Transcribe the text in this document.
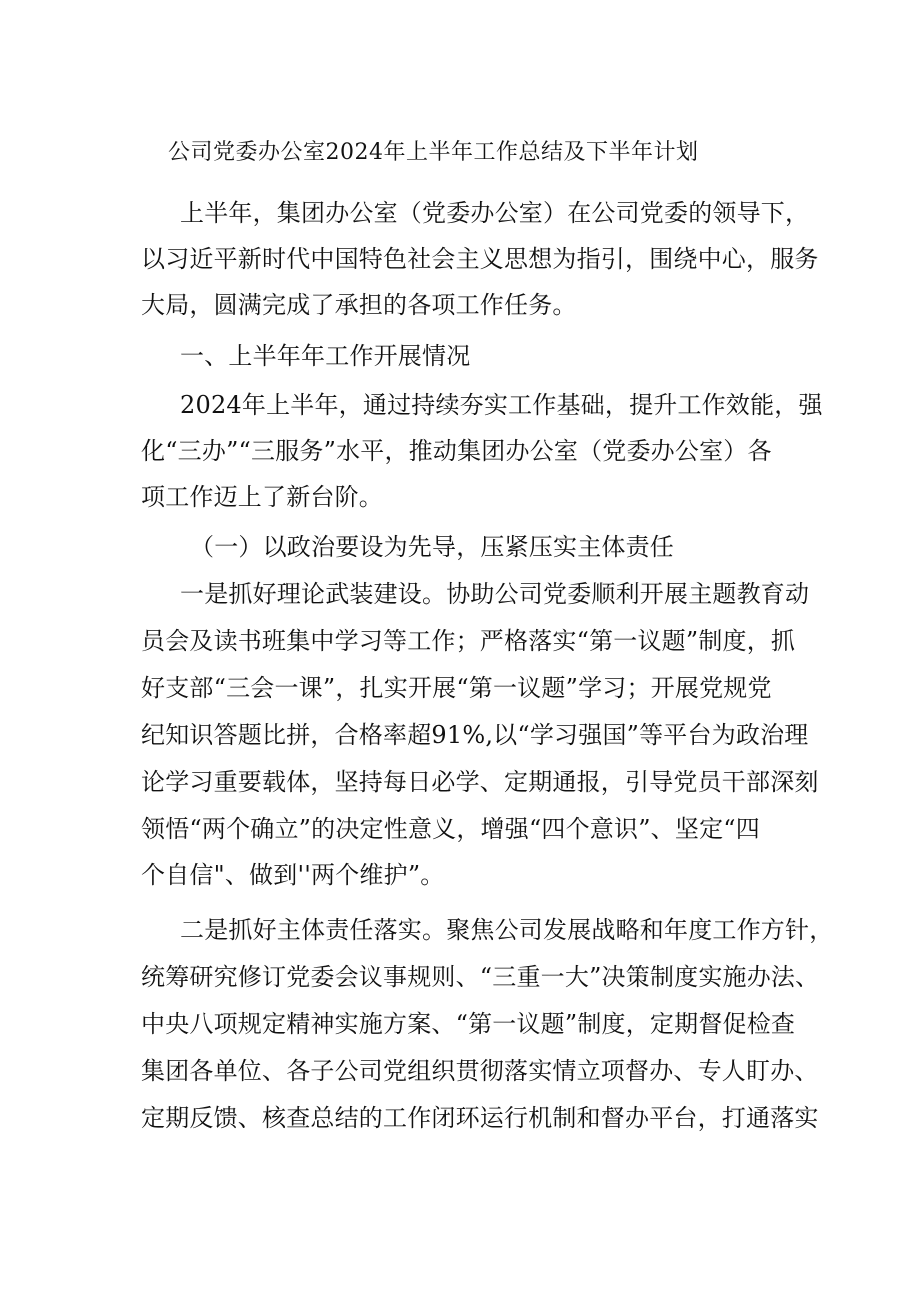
公司党委办公室2024年上半年工作总结及下半年计划
上半年，集团办公室（党委办公室）在公司党委的领导下，
以习近平新时代中国特色社会主义思想为指引，围绕中心，服务
大局，圆满完成了承担的各项工作任务。
一、上半年年工作开展情况
2024年上半年，通过持续夯实工作基础，提升工作效能，强
化“三办”“三服务”水平，推动集团办公室（党委办公室）各
项工作迈上了新台阶。
（一）以政治要设为先导，压紧压实主体责任
一是抓好理论武装建设。协助公司党委顺利开展主题教育动
员会及读书班集中学习等工作；严格落实“第一议题”制度，抓
好支部“三会一课”，扎实开展“第一议题”学习；开展党规党
纪知识答题比拼，合格率超91%,以“学习强国”等平台为政治理
论学习重要载体，坚持每日必学、定期通报，引导党员干部深刻
领悟“两个确立”的决定性意义，增强“四个意识”、坚定“四
个自信"、做到''两个维护”。
二是抓好主体责任落实。聚焦公司发展战略和年度工作方针，
统筹研究修订党委会议事规则、“三重一大”决策制度实施办法、
中央八项规定精神实施方案、“第一议题”制度，定期督促检查
集团各单位、各子公司党组织贯彻落实情立项督办、专人盯办、
定期反馈、核查总结的工作闭环运行机制和督办平台，打通落实
